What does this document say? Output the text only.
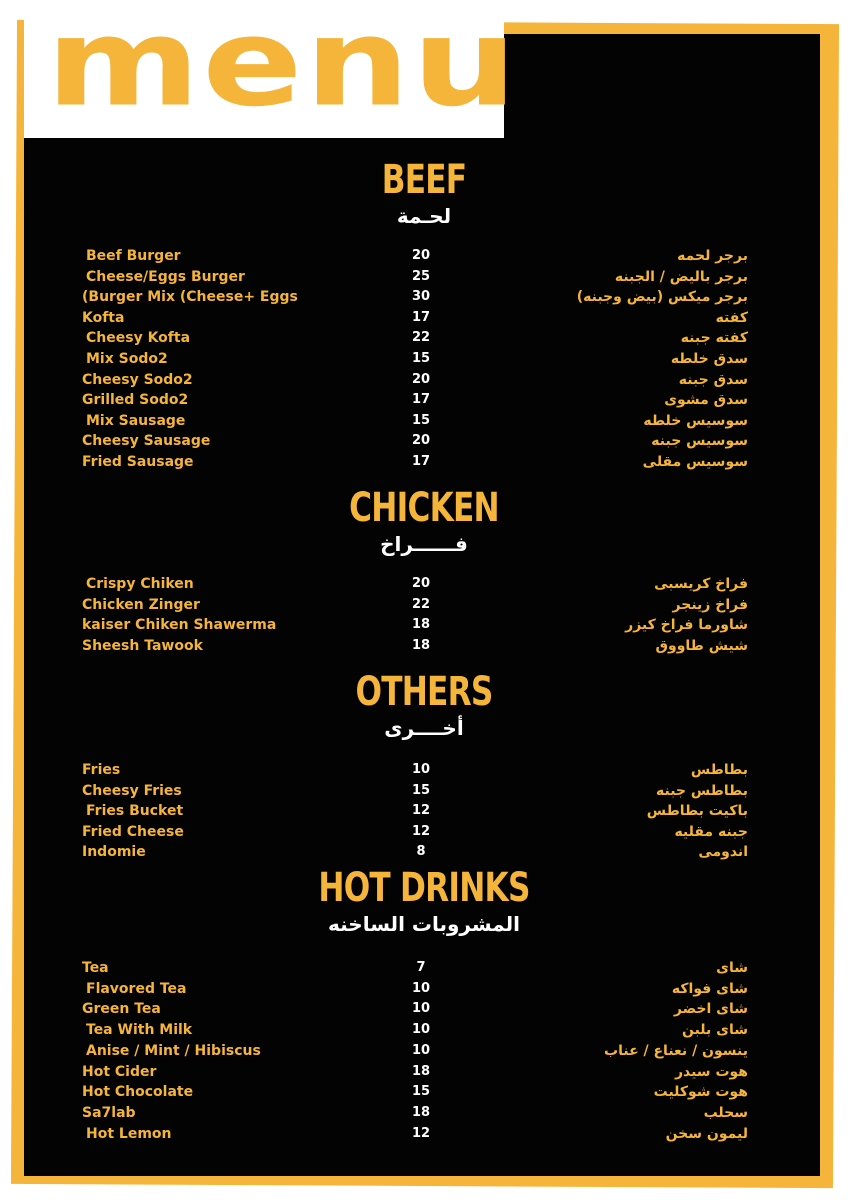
menu
BEEF
لحـمة
Beef Burger	20	برجر لحمه
Cheese/Eggs Burger	25	برجر باليض / الجبنه
(Burger Mix (Cheese+ Eggs	30	برجر ميكس (بيض وجبنه)
Kofta	17	كفته
Cheesy Kofta	22	كفته جبنه
Mix Sodo2	15	سدق خلطه
Cheesy Sodo2	20	سدق جبنه
Grilled Sodo2	17	سدق مشوى
Mix Sausage	15	سوسيس خلطه
Cheesy Sausage	20	سوسيس جبنه
Fried Sausage	17	سوسيس مقلى
CHICKEN
فــــــراخ
Crispy Chiken	20	فراخ كريسبى
Chicken Zinger	22	فراخ زينجر
kaiser Chiken Shawerma	18	شاورما فراخ كيزر
Sheesh Tawook	18	شيش طاووق
OTHERS
أخــــرى
Fries	10	بطاطس
Cheesy Fries	15	بطاطس جبنه
Fries Bucket	12	باكيت بطاطس
Fried Cheese	12	جبنه مقليه
Indomie	8	اندومى
HOT DRINKS
المشروبات الساخنه
Tea	7	شاى
Flavored Tea	10	شاى فواكه
Green Tea	10	شاى اخضر
Tea With Milk	10	شاى بلبن
Anise / Mint / Hibiscus	10	ينسون / نعناع / عناب
Hot Cider	18	هوت سيدر
Hot Chocolate	15	هوت شوكليت
Sa7lab	18	سحلب
Hot Lemon	12	ليمون سخن
